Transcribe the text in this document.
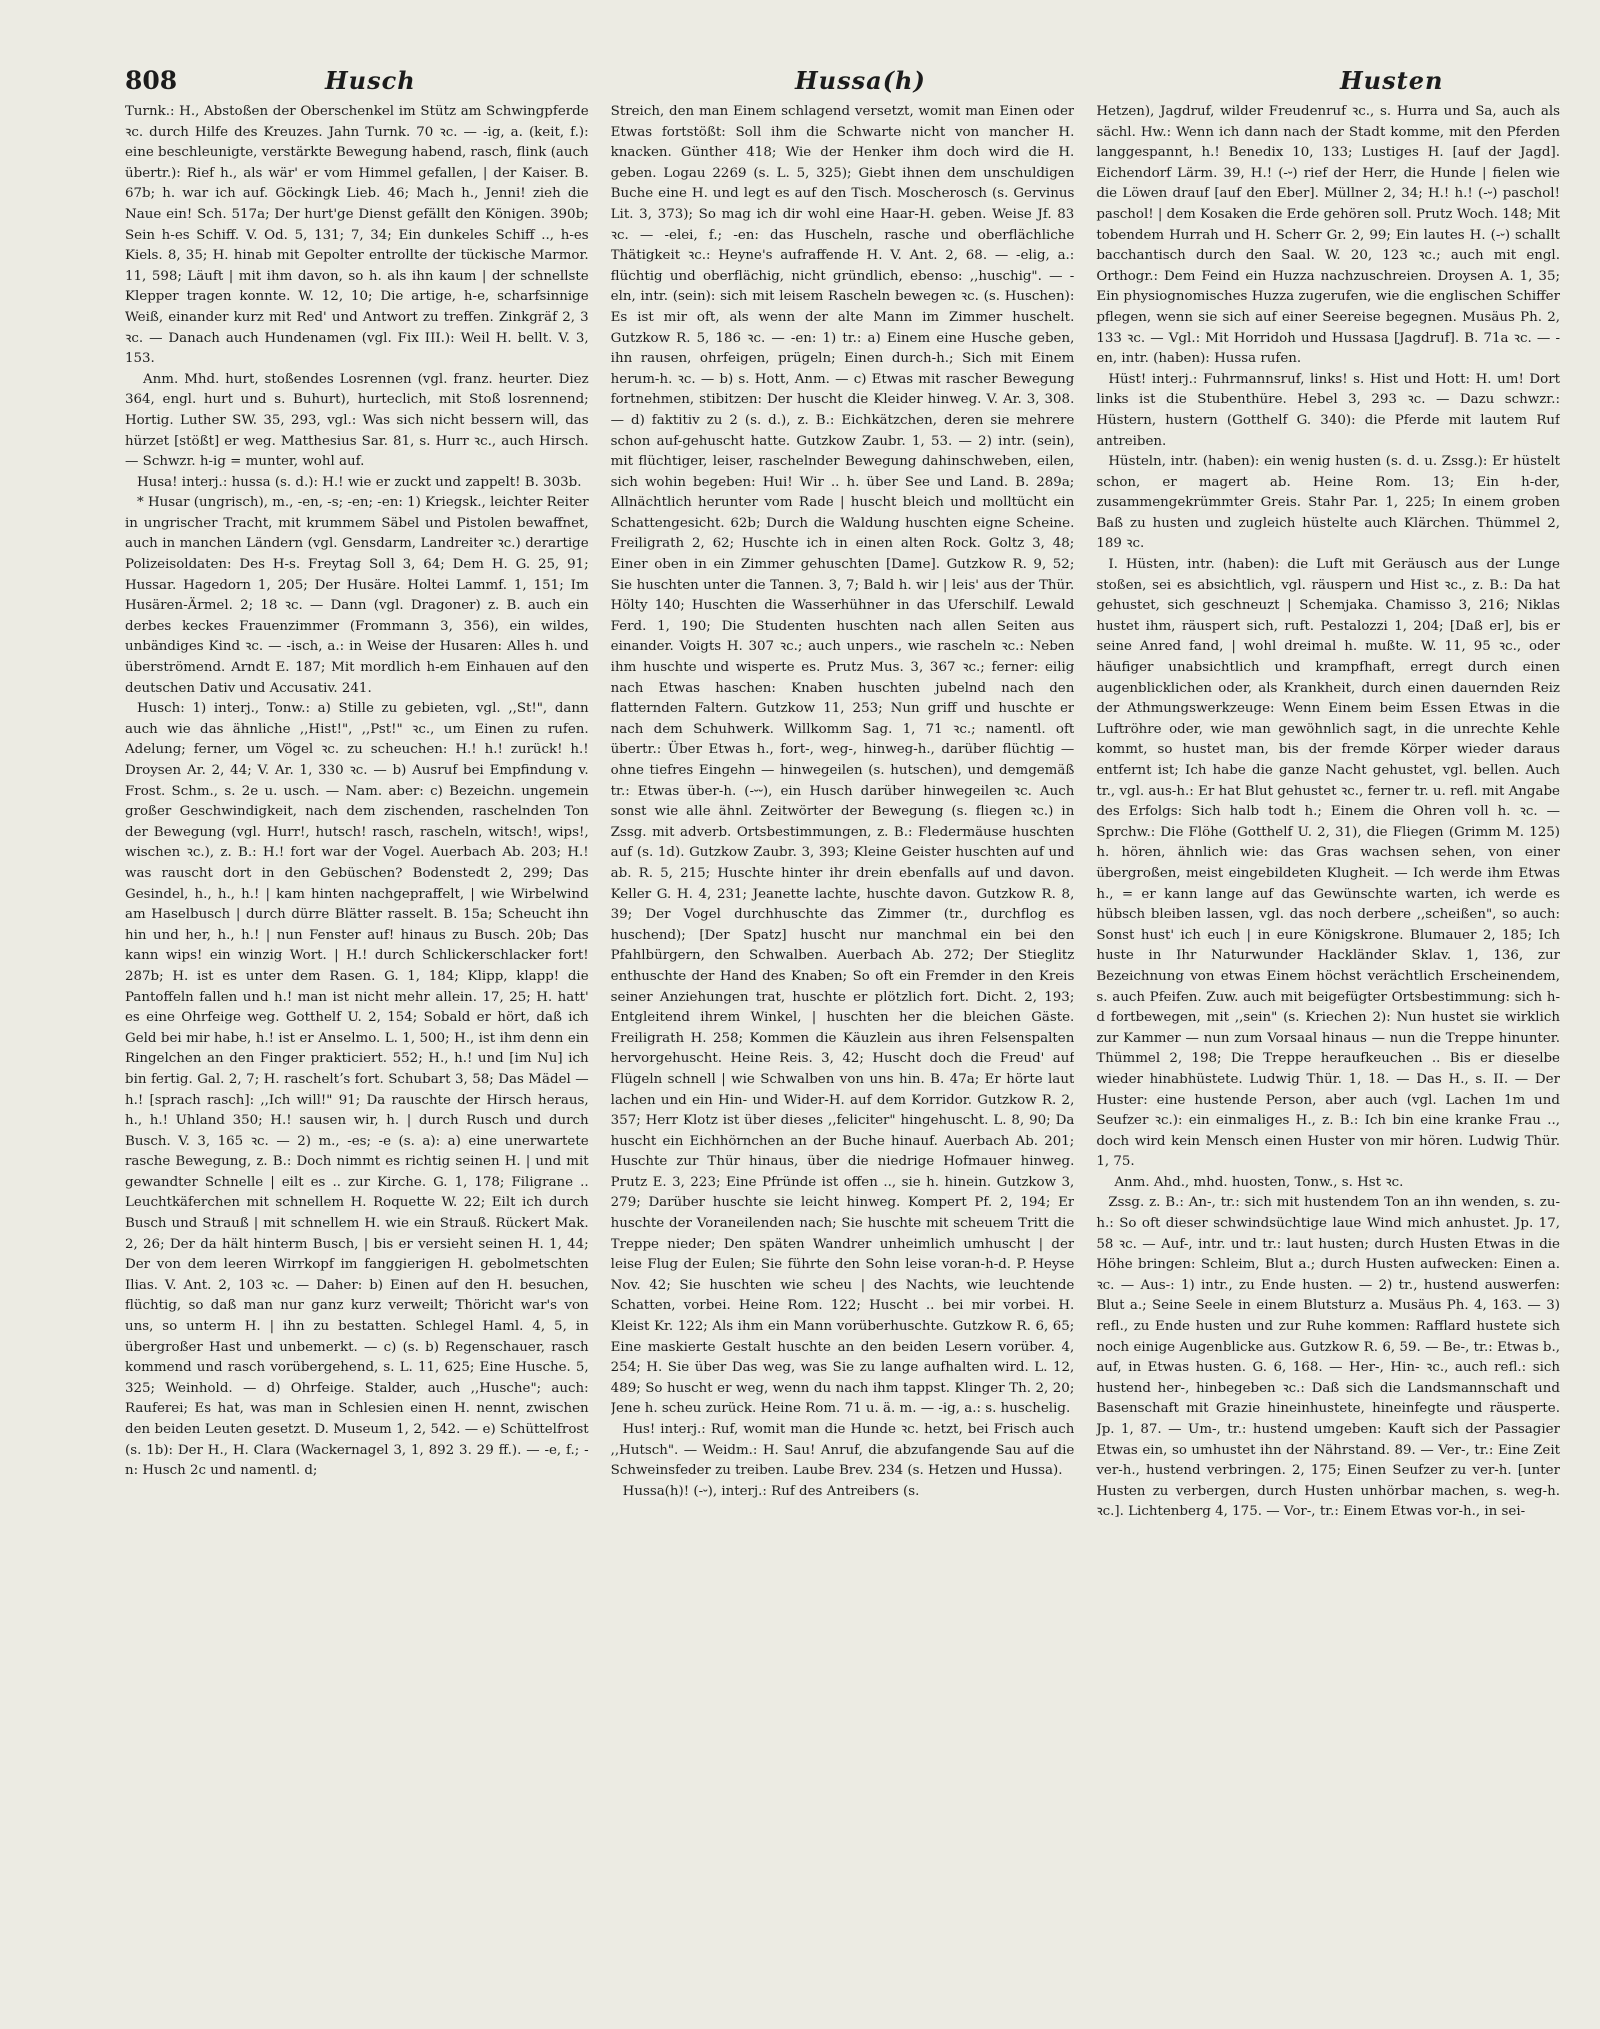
808	Husch	Hussa(h)	Husten

Turnk.: H., Abstoßen der Oberschenkel im Stütz am Schwingpferde ꝛc. durch Hilfe des Kreuzes. Jahn Turnk. 70 ꝛc. — -ig, a. (keit, f.): eine beschleunigte, verstärkte Bewegung habend, rasch, flink (auch übertr.): Rief h., als wär' er vom Himmel gefallen, | der Kaiser. B. 67b; h. war ich auf. Göckingk Lieb. 46; Mach h., Jenni! zieh die Naue ein! Sch. 517a; Der hurt'ge Dienst gefällt den Königen. 390b; Sein h-es Schiff. V. Od. 5, 131; 7, 34; Ein dunkeles Schiff .., h-es Kiels. 8, 35; H. hinab mit Gepolter entrollte der tückische Marmor. 11, 598; Läuft | mit ihm davon, so h. als ihn kaum | der schnellste Klepper tragen konnte. W. 12, 10; Die artige, h-e, scharfsinnige Weiß, einander kurz mit Red' und Antwort zu treffen. Zinkgräf 2, 3 ꝛc. — Danach auch Hundenamen (vgl. Fix III.): Weil H. bellt. V. 3, 153.

Anm. Mhd. hurt, stoßendes Losrennen (vgl. franz. heurter. Diez 364, engl. hurt und s. Buhurt), hurteclich, mit Stoß losrennend; Hortig. Luther SW. 35, 293, vgl.: Was sich nicht bessern will, das hürzet [stößt] er weg. Matthesius Sar. 81, s. Hurr ꝛc., auch Hirsch. — Schwzr. h-ig = munter, wohl auf.

Husa! interj.: hussa (s. d.): H.! wie er zuckt und zappelt! B. 303b.

* Husar (ungrisch), m., -en, -s; -en; -en: 1) Kriegsk., leichter Reiter in ungrischer Tracht, mit krummem Säbel und Pistolen bewaffnet, auch in manchen Ländern (vgl. Gensdarm, Landreiter ꝛc.) derartige Polizeisoldaten: Des H-s. Freytag Soll 3, 64; Dem H. G. 25, 91; Hussar. Hagedorn 1, 205; Der Husäre. Holtei Lammf. 1, 151; Im Husären-Ärmel. 2; 18 ꝛc. — Dann (vgl. Dragoner) z. B. auch ein derbes keckes Frauenzimmer (Frommann 3, 356), ein wildes, unbändiges Kind ꝛc. — -isch, a.: in Weise der Husaren: Alles h. und überströmend. Arndt E. 187; Mit mordlich h-em Einhauen auf den deutschen Dativ und Accusativ. 241.

Husch: 1) interj., Tonw.: a) Stille zu gebieten, vgl. ,,St!", dann auch wie das ähnliche ,,Hist!", ,,Pst!" ꝛc., um Einen zu rufen. Adelung; ferner, um Vögel ꝛc. zu scheuchen: H.! h.! zurück! h.! Droysen Ar. 2, 44; V. Ar. 1, 330 ꝛc. — b) Ausruf bei Empfindung v. Frost. Schm., s. 2e u. usch. — Nam. aber: c) Bezeichn. ungemein großer Geschwindigkeit, nach dem zischenden, raschelnden Ton der Bewegung (vgl. Hurr!, hutsch! rasch, rascheln, witsch!, wips!, wischen ꝛc.), z. B.: H.! fort war der Vogel. Auerbach Ab. 203; H.! was rauscht dort in den Gebüschen? Bodenstedt 2, 299; Das Gesindel, h., h., h.! | kam hinten nachgepraffelt, | wie Wirbelwind am Haselbusch | durch dürre Blätter rasselt. B. 15a; Scheucht ihn hin und her, h., h.! | nun Fenster auf! hinaus zu Busch. 20b; Das kann wips! ein winzig Wort. | H.! durch Schlickerschlacker fort! 287b; H. ist es unter dem Rasen. G. 1, 184; Klipp, klapp! die Pantoffeln fallen und h.! man ist nicht mehr allein. 17, 25; H. hatt' es eine Ohrfeige weg. Gotthelf U. 2, 154; Sobald er hört, daß ich Geld bei mir habe, h.! ist er Anselmo. L. 1, 500; H., ist ihm denn ein Ringelchen an den Finger prakticiert. 552; H., h.! und [im Nu] ich bin fertig. Gal. 2, 7; H. rascheltʼs fort. Schubart 3, 58; Das Mädel — h.! [sprach rasch]: ,,Ich will!" 91; Da rauschte der Hirsch heraus, h., h.! Uhland 350; H.! sausen wir, h. | durch Rusch und durch Busch. V. 3, 165 ꝛc. — 2) m., -es; -e (s. a): a) eine unerwartete rasche Bewegung, z. B.: Doch nimmt es richtig seinen H. | und mit gewandter Schnelle | eilt es .. zur Kirche. G. 1, 178; Filigrane .. Leuchtkäferchen mit schnellem H. Roquette W. 22; Eilt ich durch Busch und Strauß | mit schnellem H. wie ein Strauß. Rückert Mak. 2, 26; Der da hält hinterm Busch, | bis er versieht seinen H. 1, 44; Der von dem leeren Wirrkopf im fanggierigen H. gebolmetschten Ilias. V. Ant. 2, 103 ꝛc. — Daher: b) Einen auf den H. besuchen, flüchtig, so daß man nur ganz kurz verweilt; Thöricht war's von uns, so unterm H. | ihn zu bestatten. Schlegel Haml. 4, 5, in übergroßer Hast und unbemerkt. — c) (s. b) Regenschauer, rasch kommend und rasch vorübergehend, s. L. 11, 625; Eine Husche. 5, 325; Weinhold. — d) Ohrfeige. Stalder, auch ,,Husche"; auch: Rauferei; Es hat, was man in Schlesien einen H. nennt, zwischen den beiden Leuten gesetzt. D. Museum 1, 2, 542. — e) Schüttelfrost (s. 1b): Der H., H. Clara (Wackernagel 3, 1, 892 3. 29 ff.). — -e, f.; -n: Husch 2c und namentl. d;

Streich, den man Einem schlagend versetzt, womit man Einen oder Etwas fortstößt: Soll ihm die Schwarte nicht von mancher H. knacken. Günther 418; Wie der Henker ihm doch wird die H. geben. Logau 2269 (s. L. 5, 325); Giebt ihnen dem unschuldigen Buche eine H. und legt es auf den Tisch. Moscherosch (s. Gervinus Lit. 3, 373); So mag ich dir wohl eine Haar-H. geben. Weise Jf. 83 ꝛc. — -elei, f.; -en: das Huscheln, rasche und oberflächliche Thätigkeit ꝛc.: Heyne's aufraffende H. V. Ant. 2, 68. — -elig, a.: flüchtig und oberflächig, nicht gründlich, ebenso: ,,huschig". — -eln, intr. (sein): sich mit leisem Rascheln bewegen ꝛc. (s. Huschen): Es ist mir oft, als wenn der alte Mann im Zimmer huschelt. Gutzkow R. 5, 186 ꝛc. — -en: 1) tr.: a) Einem eine Husche geben, ihn rausen, ohrfeigen, prügeln; Einen durch-h.; Sich mit Einem herum-h. ꝛc. — b) s. Hott, Anm. — c) Etwas mit rascher Bewegung fortnehmen, stibitzen: Der huscht die Kleider hinweg. V. Ar. 3, 308. — d) faktitiv zu 2 (s. d.), z. B.: Eichkätzchen, deren sie mehrere schon auf-gehuscht hatte. Gutzkow Zaubr. 1, 53. — 2) intr. (sein), mit flüchtiger, leiser, raschelnder Bewegung dahinschweben, eilen, sich wohin begeben: Hui! Wir .. h. über See und Land. B. 289a; Allnächtlich herunter vom Rade | huscht bleich und molltücht ein Schattengesicht. 62b; Durch die Waldung huschten eigne Scheine. Freiligrath 2, 62; Huschte ich in einen alten Rock. Goltz 3, 48; Einer oben in ein Zimmer gehuschten [Dame]. Gutzkow R. 9, 52; Sie huschten unter die Tannen. 3, 7; Bald h. wir | leis' aus der Thür. Hölty 140; Huschten die Wasserhühner in das Uferschilf. Lewald Ferd. 1, 190; Die Studenten huschten nach allen Seiten aus einander. Voigts H. 307 ꝛc.; auch unpers., wie rascheln ꝛc.: Neben ihm huschte und wisperte es. Prutz Mus. 3, 367 ꝛc.; ferner: eilig nach Etwas haschen: Knaben huschten jubelnd nach den flatternden Faltern. Gutzkow 11, 253; Nun griff und huschte er nach dem Schuhwerk. Willkomm Sag. 1, 71 ꝛc.; namentl. oft übertr.: Über Etwas h., fort-, weg-, hinweg-h., darüber flüchtig — ohne tiefres Eingehn — hinwegeilen (s. hutschen), und demgemäß tr.: Etwas über-h. (-⏑⏑), ein Husch darüber hinwegeilen ꝛc. Auch sonst wie alle ähnl. Zeitwörter der Bewegung (s. fliegen ꝛc.) in Zssg. mit adverb. Ortsbestimmungen, z. B.: Fledermäuse huschten auf (s. 1d). Gutzkow Zaubr. 3, 393; Kleine Geister huschten auf und ab. R. 5, 215; Huschte hinter ihr drein ebenfalls auf und davon. Keller G. H. 4, 231; Jeanette lachte, huschte davon. Gutzkow R. 8, 39; Der Vogel durchhuschte das Zimmer (tr., durchflog es huschend); [Der Spatz] huscht nur manchmal ein bei den Pfahlbürgern, den Schwalben. Auerbach Ab. 272; Der Stieglitz enthuschte der Hand des Knaben; So oft ein Fremder in den Kreis seiner Anziehungen trat, huschte er plötzlich fort. Dicht. 2, 193; Entgleitend ihrem Winkel, | huschten her die bleichen Gäste. Freiligrath H. 258; Kommen die Käuzlein aus ihren Felsenspalten hervorgehuscht. Heine Reis. 3, 42; Huscht doch die Freud' auf Flügeln schnell | wie Schwalben von uns hin. B. 47a; Er hörte laut lachen und ein Hin- und Wider-H. auf dem Korridor. Gutzkow R. 2, 357; Herr Klotz ist über dieses ,,feliciter" hingehuscht. L. 8, 90; Da huscht ein Eichhörnchen an der Buche hinauf. Auerbach Ab. 201; Huschte zur Thür hinaus, über die niedrige Hofmauer hinweg. Prutz E. 3, 223; Eine Pfründe ist offen .., sie h. hinein. Gutzkow 3, 279; Darüber huschte sie leicht hinweg. Kompert Pf. 2, 194; Er huschte der Voraneilenden nach; Sie huschte mit scheuem Tritt die Treppe nieder; Den späten Wandrer unheimlich umhuscht | der leise Flug der Eulen; Sie führte den Sohn leise voran-h-d. P. Heyse Nov. 42; Sie huschten wie scheu | des Nachts, wie leuchtende Schatten, vorbei. Heine Rom. 122; Huscht .. bei mir vorbei. H. Kleist Kr. 122; Als ihm ein Mann vorüberhuschte. Gutzkow R. 6, 65; Eine maskierte Gestalt huschte an den beiden Lesern vorüber. 4, 254; H. Sie über Das weg, was Sie zu lange aufhalten wird. L. 12, 489; So huscht er weg, wenn du nach ihm tappst. Klinger Th. 2, 20; Jene h. scheu zurück. Heine Rom. 71 u. ä. m. — -ig, a.: s. huschelig.

Hus! interj.: Ruf, womit man die Hunde ꝛc. hetzt, bei Frisch auch ,,Hutsch". — Weidm.: H. Sau! Anruf, die abzufangende Sau auf die Schweinsfeder zu treiben. Laube Brev. 234 (s. Hetzen und Hussa).

Hussa(h)! (-⏑), interj.: Ruf des Antreibers (s.

Hetzen), Jagdruf, wilder Freudenruf ꝛc., s. Hurra und Sa, auch als sächl. Hw.: Wenn ich dann nach der Stadt komme, mit den Pferden langgespannt, h.! Benedix 10, 133; Lustiges H. [auf der Jagd]. Eichendorf Lärm. 39, H.! (-⏑) rief der Herr, die Hunde | fielen wie die Löwen drauf [auf den Eber]. Müllner 2, 34; H.! h.! (-⏑) paschol! paschol! | dem Kosaken die Erde gehören soll. Prutz Woch. 148; Mit tobendem Hurrah und H. Scherr Gr. 2, 99; Ein lautes H. (-⏑) schallt bacchantisch durch den Saal. W. 20, 123 ꝛc.; auch mit engl. Orthogr.: Dem Feind ein Huzza nachzuschreien. Droysen A. 1, 35; Ein physiognomisches Huzza zugerufen, wie die englischen Schiffer pflegen, wenn sie sich auf einer Seereise begegnen. Musäus Ph. 2, 133 ꝛc. — Vgl.: Mit Horridoh und Hussasa [Jagdruf]. B. 71a ꝛc. — -en, intr. (haben): Hussa rufen.

Hüst! interj.: Fuhrmannsruf, links! s. Hist und Hott: H. um! Dort links ist die Stubenthüre. Hebel 3, 293 ꝛc. — Dazu schwzr.: Hüstern, hustern (Gotthelf G. 340): die Pferde mit lautem Ruf antreiben.

Hüsteln, intr. (haben): ein wenig husten (s. d. u. Zssg.): Er hüstelt schon, er magert ab. Heine Rom. 13; Ein h-der, zusammengekrümmter Greis. Stahr Par. 1, 225; In einem groben Baß zu husten und zugleich hüstelte auch Klärchen. Thümmel 2, 189 ꝛc.

I. Hüsten, intr. (haben): die Luft mit Geräusch aus der Lunge stoßen, sei es absichtlich, vgl. räuspern und Hist ꝛc., z. B.: Da hat gehustet, sich geschneuzt | Schemjaka. Chamisso 3, 216; Niklas hustet ihm, räuspert sich, ruft. Pestalozzi 1, 204; [Daß er], bis er seine Anred fand, | wohl dreimal h. mußte. W. 11, 95 ꝛc., oder häufiger unabsichtlich und krampfhaft, erregt durch einen augenblicklichen oder, als Krankheit, durch einen dauernden Reiz der Athmungswerkzeuge: Wenn Einem beim Essen Etwas in die Luftröhre oder, wie man gewöhnlich sagt, in die unrechte Kehle kommt, so hustet man, bis der fremde Körper wieder daraus entfernt ist; Ich habe die ganze Nacht gehustet, vgl. bellen. Auch tr., vgl. aus-h.: Er hat Blut gehustet ꝛc., ferner tr. u. refl. mit Angabe des Erfolgs: Sich halb todt h.; Einem die Ohren voll h. ꝛc. — Sprchw.: Die Flöhe (Gotthelf U. 2, 31), die Fliegen (Grimm M. 125) h. hören, ähnlich wie: das Gras wachsen sehen, von einer übergroßen, meist eingebildeten Klugheit. — Ich werde ihm Etwas h., = er kann lange auf das Gewünschte warten, ich werde es hübsch bleiben lassen, vgl. das noch derbere ,,scheißen", so auch: Sonst hust' ich euch | in eure Königskrone. Blumauer 2, 185; Ich huste in Ihr Naturwunder Hackländer Sklav. 1, 136, zur Bezeichnung von etwas Einem höchst verächtlich Erscheinendem, s. auch Pfeifen. Zuw. auch mit beigefügter Ortsbestimmung: sich h-d fortbewegen, mit ,,sein" (s. Kriechen 2): Nun hustet sie wirklich zur Kammer — nun zum Vorsaal hinaus — nun die Treppe hinunter. Thümmel 2, 198; Die Treppe heraufkeuchen .. Bis er dieselbe wieder hinabhüstete. Ludwig Thür. 1, 18. — Das H., s. II. — Der Huster: eine hustende Person, aber auch (vgl. Lachen 1m und Seufzer ꝛc.): ein einmaliges H., z. B.: Ich bin eine kranke Frau .., doch wird kein Mensch einen Huster von mir hören. Ludwig Thür. 1, 75.

Anm. Ahd., mhd. huosten, Tonw., s. Hst ꝛc.

Zssg. z. B.: An-, tr.: sich mit hustendem Ton an ihn wenden, s. zu-h.: So oft dieser schwindsüchtige laue Wind mich anhustet. Jp. 17, 58 ꝛc. — Auf-, intr. und tr.: laut husten; durch Husten Etwas in die Höhe bringen: Schleim, Blut a.; durch Husten aufwecken: Einen a. ꝛc. — Aus-: 1) intr., zu Ende husten. — 2) tr., hustend auswerfen: Blut a.; Seine Seele in einem Blutsturz a. Musäus Ph. 4, 163. — 3) refl., zu Ende husten und zur Ruhe kommen: Rafflard hustete sich noch einige Augenblicke aus. Gutzkow R. 6, 59. — Be-, tr.: Etwas b., auf, in Etwas husten. G. 6, 168. — Her-, Hin- ꝛc., auch refl.: sich hustend her-, hinbegeben ꝛc.: Daß sich die Landsmannschaft und Basenschaft mit Grazie hineinhustete, hineinfegte und räusperte. Jp. 1, 87. — Um-, tr.: hustend umgeben: Kauft sich der Passagier Etwas ein, so umhustet ihn der Nährstand. 89. — Ver-, tr.: Eine Zeit ver-h., hustend verbringen. 2, 175; Einen Seufzer zu ver-h. [unter Husten zu verbergen, durch Husten unhörbar machen, s. weg-h. ꝛc.]. Lichtenberg 4, 175. — Vor-, tr.: Einem Etwas vor-h., in sei-
